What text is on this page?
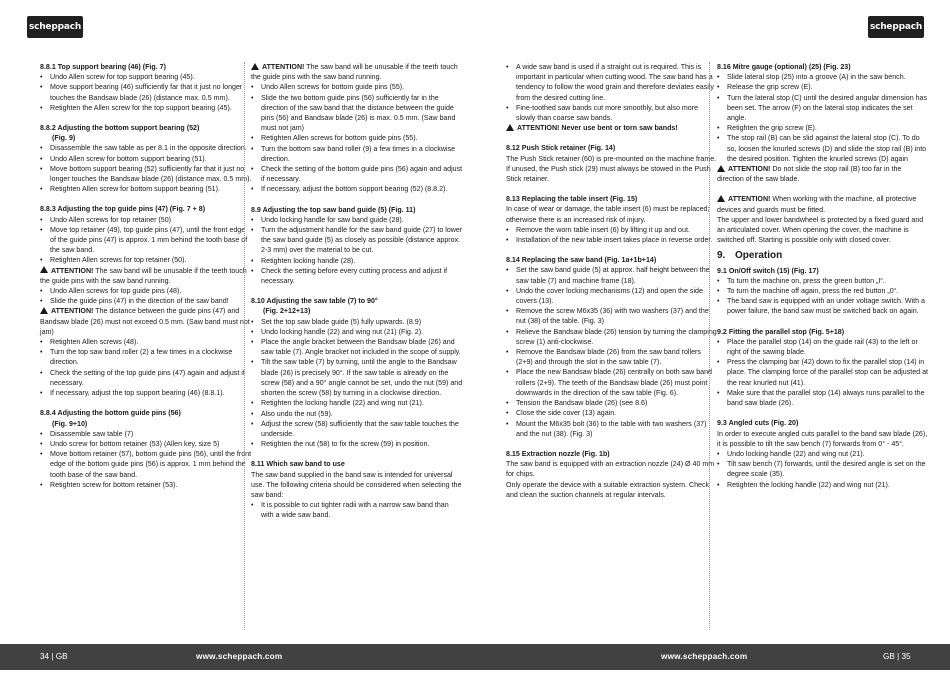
scheppach	scheppach
8.8.1 Top support bearing (46) (Fig. 7)
• Undo Allen screw for top support bearing (45).
• Move support bearing (46) sufficiently far that it just no longer touches the Bandsaw blade (26) (distance max. 0.5 mm).
• Retighten the Allen screw for the top support bearing (45).
8.8.2 Adjusting the bottom support bearing (52)
(Fig. 9)
• Disassemble the saw table as per 8.1 in the opposite direction.
• Undo Allen screw for bottom support bearing (51).
• Move bottom support bearing (52) sufficiently far that it just no longer touches the Bandsaw blade (26) (distance max. 0.5 mm).
• Retighten Allen screw for bottom support bearing (51).
8.8.3 Adjusting the top guide pins (47) (Fig. 7 + 8)
• Undo Allen screws for top retainer (50)
• Move top retainer (49), top guide pins (47), until the front edge of the guide pins (47) is approx. 1 mm behind the tooth base of the saw band.
• Retighten Allen screws for top retainer (50).
ATTENTION! The saw band will be unusable if the teeth touch the guide pins with the saw band running.
• Undo Allen screws for top guide pins (48).
• Slide the guide pins (47) in the direction of the saw band!
ATTENTION! The distance between the guide pins (47) and Bandsaw blade (26) must not exceed 0.5 mm. (Saw band must not jam)
• Retighten Allen screws (48).
• Turn the top saw band roller (2) a few times in a clockwise direction.
• Check the setting of the top guide pins (47) again and adjust if necessary.
• If necessary, adjust the top support bearing (46) (8.8.1).
8.8.4 Adjusting the bottom guide pins (56)
(Fig. 9+10)
• Disassemble saw table (7)
• Undo screw for bottom retainer (53) (Allen key, size 5)
• Move bottom retainer (57), bottom guide pins (56), until the front edge of the bottom guide pins (56) is approx. 1 mm behind the tooth base of the saw band.
• Retighten screw for bottom retainer (53).
ATTENTION! The saw band will be unusable if the teeth touch the guide pins with the saw band running.
• Undo Allen screws for bottom guide pins (55).
• Slide the two bottom guide pins (56) sufficiently far in the direction of the saw band that the distance between the guide pins (56) and Bandsaw blade (26) is max. 0.5 mm. (Saw band must not jam)
• Retighten Allen screws for bottom guide pins (55).
• Turn the bottom saw band roller (9) a few times in a clockwise direction.
• Check the setting of the bottom guide pins (56) again and adjust if necessary.
• If necessary, adjust the bottom support bearing (52) (8.8.2).
8.9 Adjusting the top saw band guide (5) (Fig. 11)
• Undo locking handle for saw band guide (28).
• Turn the adjustment handle for the saw band guide (27) to lower the saw band guide (5) as closely as possible (distance approx. 2-3 mm) over the material to be cut.
• Retighten locking handle (28).
• Check the setting before every cutting process and adjust if necessary.
8.10 Adjusting the saw table (7) to 90°
(Fig. 2+12+13)
• Set the top saw blade guide (5) fully upwards. (8.9)
• Undo locking handle (22) and wing nut (21) (Fig. 2).
• Place the angle bracket between the Bandsaw blade (26) and saw table (7). Angle bracket not included in the scope of supply.
• Tilt the saw table (7) by turning, until the angle to the Bandsaw blade (26) is precisely 90°. If the saw table is already on the screw (58) and a 90° angle cannot be set, undo the nut (59) and shorten the screw (58) by turning in a clockwise direction.
• Retighten the locking handle (22) and wing nut (21).
• Also undo the nut (59).
• Adjust the screw (58) sufficiently that the saw table touches the underside.
• Retighten the nut (58) to fix the screw (59) in position.
8.11 Which saw band to use
The saw band supplied in the band saw is intended for universal use. The following criteria should be considered when selecting the saw band:
• It is possible to cut tighter radii with a narrow saw band than with a wide saw band.
• A wide saw band is used if a straight cut is required. This is important in particular when cutting wood. The saw band has a tendency to follow the wood grain and therefore deviates easily from the desired cutting line.
• Fine-toothed saw bands cut more smoothly, but also more slowly than coarse saw bands.
ATTENTION! Never use bent or torn saw bands!
8.12 Push Stick retainer (Fig. 14)
The Push Stick retainer (60) is pre-mounted on the machine frame. If unused, the Push stick (29) must always be stowed in the Push Stick retainer.
8.13 Replacing the table insert (Fig. 15)
In case of wear or damage, the table insert (6) must be replaced; otherwise there is an increased risk of injury.
• Remove the worn table insert (6) by lifting it up and out.
• Installation of the new table insert takes place in reverse order.
8.14 Replacing the saw band (Fig. 1a+1b+14)
• Set the saw band guide (5) at approx. half height between the saw table (7) and machine frame (18).
• Undo the cover locking mechanisms (12) and open the side covers (13).
• Remove the screw M6x35 (36) with two washers (37) and the nut (38) of the table. (Fig. 3)
• Relieve the Bandsaw blade (26) tension by turning the clamping screw (1) anti-clockwise.
• Remove the Bandsaw blade (26) from the saw band rollers (2+9) and through the slot in the saw table (7).
• Place the new Bandsaw blade (26) centrally on both saw band rollers (2+9). The teeth of the Bandsaw blade (26) must point downwards in the direction of the saw table (Fig. 6).
• Tension the Bandsaw blade (26) (see 8.6)
• Close the side cover (13) again.
• Mount the M6x35 bolt (36) to the table with two washers (37) and the nut (38). (Fig. 3)
8.15 Extraction nozzle (Fig. 1b)
The saw band is equipped with an extraction nozzle (24) Ø 40 mm for chips.
Only operate the device with a suitable extraction system. Check and clean the suction channels at regular intervals.
8.16 Mitre gauge (optional) (25) (Fig. 23)
• Slide lateral stop (25) into a groove (A) in the saw bench.
• Release the grip screw (E).
• Turn the lateral stop (C) until the desired angular dimension has been set. The arrow (F) on the lateral stop indicates the set angle.
• Retighten the grip screw (E).
• The stop rail (B) can be slid against the lateral stop (C). To do so, loosen the knurled screws (D) and slide the stop rail (B) into the desired position. Tighten the knurled screws (D) again
ATTENTION! Do not slide the stop rail (B) too far in the direction of the saw blade.
ATTENTION! When working with the machine, all protective devices and guards must be fitted.
The upper and lower bandwheel is protected by a fixed guard and an articulated cover. When opening the cover, the machine is switched off. Starting is possible only with closed cover.
9. Operation
9.1 On/Off switch (15) (Fig. 17)
• To turn the machine on, press the green button „I“.
• To turn the machine off again, press the red button „0“.
• The band saw is equipped with an under voltage switch. With a power failure, the band saw must be switched back on again.
9.2 Fitting the parallel stop (Fig. 5+18)
• Place the parallel stop (14) on the guide rail (43) to the left or right of the sawing blade.
• Press the clamping bar (42) down to fix the parallel stop (14) in place. The clamping force of the parallel stop can be adjusted at the rear knurled nut (41).
• Make sure that the parallel stop (14) always runs parallel to the band saw blade (26).
9.3 Angled cuts (Fig. 20)
In order to execute angled cuts parallel to the band saw blade (26), it is possible to tilt the saw bench (7) forwards from 0° - 45°.
• Undo locking handle (22) and wing nut (21).
• Tilt saw bench (7) forwards, until the desired angle is set on the degree scale (35).
• Retighten the locking handle (22) and wing nut (21).
34 | GB	www.scheppach.com	www.scheppach.com	GB | 35
